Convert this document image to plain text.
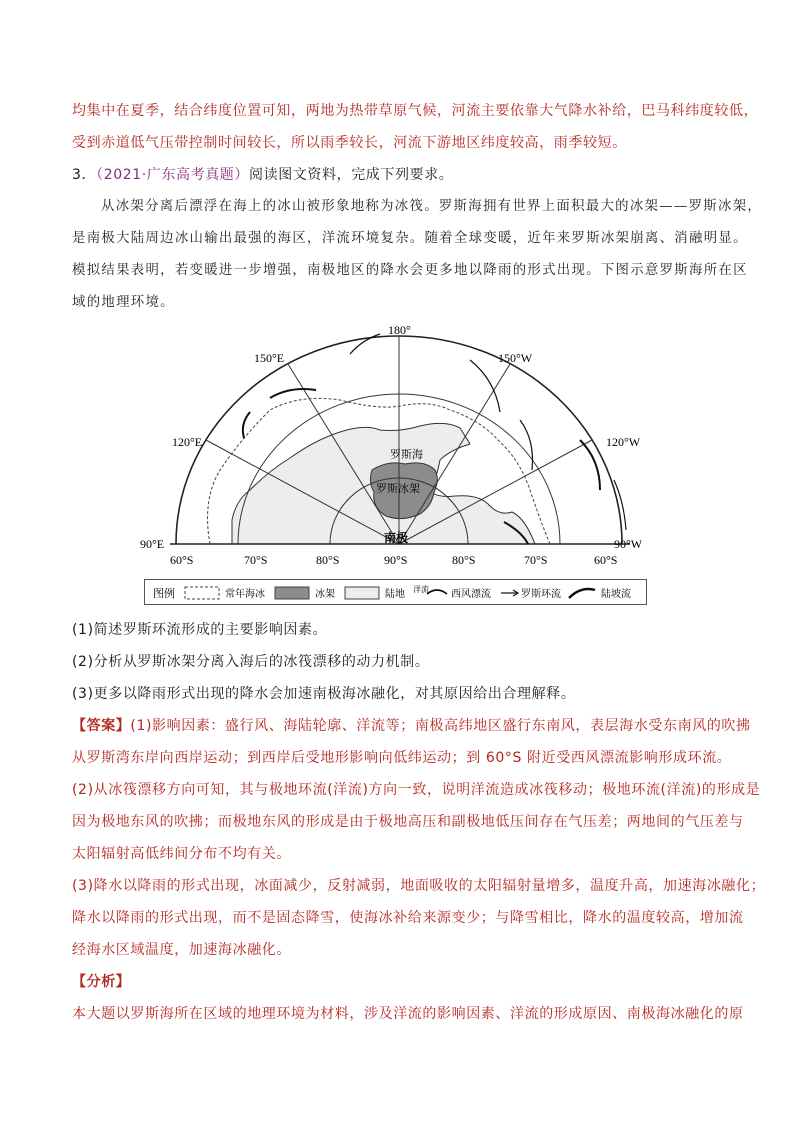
均集中在夏季，结合纬度位置可知，两地为热带草原气候，河流主要依靠大气降水补给，巴马科纬度较低，
受到赤道低气压带控制时间较长，所以雨季较长，河流下游地区纬度较高，雨季较短。
3．（2021·广东高考真题）阅读图文资料，完成下列要求。
从冰架分离后漂浮在海上的冰山被形象地称为冰筏。罗斯海拥有世界上面积最大的冰架——罗斯冰架，
是南极大陆周边冰山输出最强的海区，洋流环境复杂。随着全球变暖，近年来罗斯冰架崩离、消融明显。
模拟结果表明，若变暖进一步增强，南极地区的降水会更多地以降雨的形式出现。下图示意罗斯海所在区
域的地理环境。
180°
150°E	150°W
120°E	120°W
90°E	90°W
60°S	70°S	80°S	90°S	80°S	70°S	60°S
罗斯海
罗斯冰架
南极
图例	常年海冰	冰架	陆地 洋流 西风漂流	罗斯环流	陆坡流
(1)简述罗斯环流形成的主要影响因素。
(2)分析从罗斯冰架分离入海后的冰筏漂移的动力机制。
(3)更多以降雨形式出现的降水会加速南极海冰融化，对其原因给出合理解释。
【答案】(1)影响因素：盛行风、海陆轮廓、洋流等；南极高纬地区盛行东南风，表层海水受东南风的吹拂
从罗斯湾东岸向西岸运动；到西岸后受地形影响向低纬运动；到 60°S 附近受西风漂流影响形成环流。
(2)从冰筏漂移方向可知，其与极地环流(洋流)方向一致，说明洋流造成冰筏移动；极地环流(洋流)的形成是
因为极地东风的吹拂；而极地东风的形成是由于极地高压和副极地低压间存在气压差；两地间的气压差与
太阳辐射高低纬间分布不均有关。
(3)降水以降雨的形式出现，冰面减少，反射减弱，地面吸收的太阳辐射量增多，温度升高，加速海冰融化；
降水以降雨的形式出现，而不是固态降雪，使海冰补给来源变少；与降雪相比，降水的温度较高，增加流
经海水区域温度，加速海冰融化。
【分析】
本大题以罗斯海所在区域的地理环境为材料，涉及洋流的影响因素、洋流的形成原因、南极海冰融化的原
